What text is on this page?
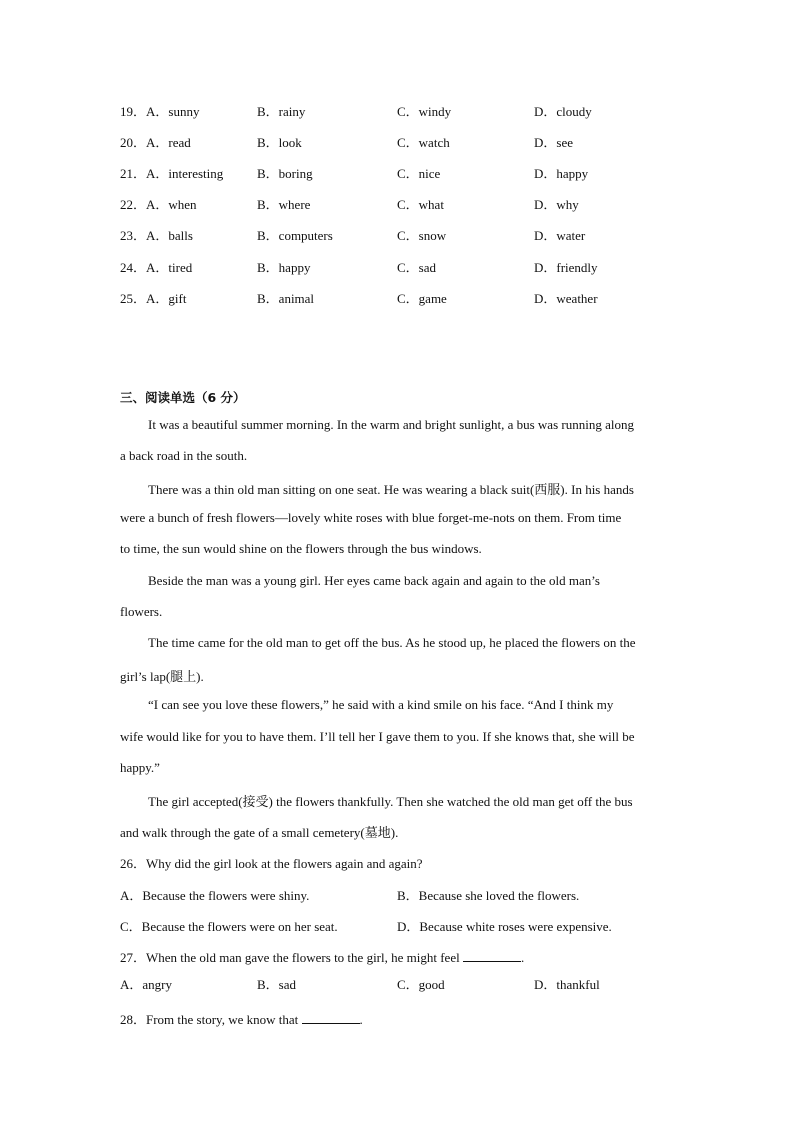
19．A．sunny	B．rainy	C．windy	D．cloudy
20．A．read	B．look	C．watch	D．see
21．A．interesting	B．boring	C．nice	D．happy
22．A．when	B．where	C．what	D．why
23．A．balls	B．computers	C．snow	D．water
24．A．tired	B．happy	C．sad	D．friendly
25．A．gift	B．animal	C．game	D．weather
三、阅读单选（6 分）
It was a beautiful summer morning. In the warm and bright sunlight, a bus was running along
a back road in the south.
There was a thin old man sitting on one seat. He was wearing a black suit(西服). In his hands
were a bunch of fresh flowers—lovely white roses with blue forget-me-nots on them. From time
to time, the sun would shine on the flowers through the bus windows.
Beside the man was a young girl. Her eyes came back again and again to the old man’s
flowers.
The time came for the old man to get off the bus. As he stood up, he placed the flowers on the
girl’s lap(腿上).
“I can see you love these flowers,” he said with a kind smile on his face. “And I think my
wife would like for you to have them. I’ll tell her I gave them to you. If she knows that, she will be
happy.”
The girl accepted(接受) the flowers thankfully. Then she watched the old man get off the bus
and walk through the gate of a small cemetery(墓地).
26．Why did the girl look at the flowers again and again?
A．Because the flowers were shiny.	B．Because she loved the flowers.
C．Because the flowers were on her seat.	D．Because white roses were expensive.
27．When the old man gave the flowers to the girl, he might feel	.
A．angry	B．sad	C．good	D．thankful
28．From the story, we know that	.
